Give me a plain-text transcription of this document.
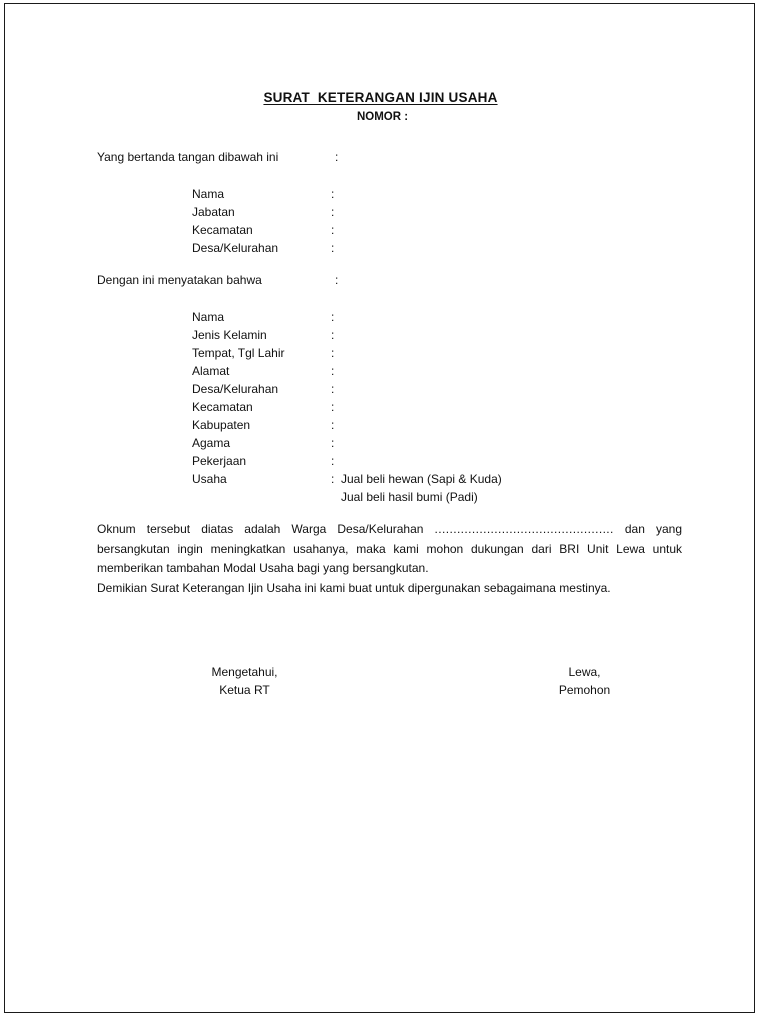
SURAT  KETERANGAN IJIN USAHA
NOMOR :
Yang bertanda tangan dibawah ini	:
Nama	:	
Jabatan	:	
Kecamatan	:	
Desa/Kelurahan	:	
Dengan ini menyatakan bahwa	:
Nama	:	
Jenis Kelamin	:	
Tempat, Tgl Lahir	:	
Alamat	:	
Desa/Kelurahan	:	
Kecamatan	:	
Kabupaten	:	
Agama	:	
Pekerjaan	:	
Usaha	:	Jual beli hewan (Sapi & Kuda)
		Jual beli hasil bumi (Padi)

Oknum tersebut diatas adalah Warga Desa/Kelurahan ................................................ dan yang bersangkutan ingin meningkatkan usahanya, maka kami mohon dukungan dari BRI Unit Lewa untuk memberikan tambahan Modal Usaha bagi yang bersangkutan.

Demikian Surat Keterangan Ijin Usaha ini kami buat untuk dipergunakan sebagaimana mestinya.

Mengetahui,
Ketua RT
Lewa,
Pemohon
